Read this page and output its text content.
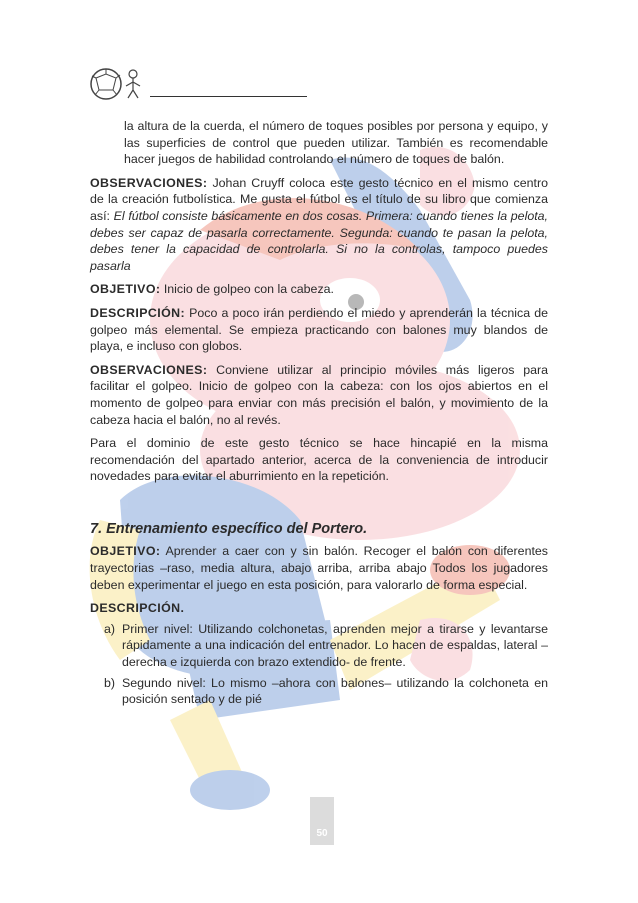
la altura de la cuerda, el número de toques posibles por persona y equipo, y las superficies de control que pueden utilizar. También es recomendable hacer juegos de habilidad controlando el número de toques de balón.

OBSERVACIONES: Johan Cruyff coloca este gesto técnico en el mismo centro de la creación futbolística. Me gusta el fútbol es el título de su libro que comienza así: El fútbol consiste básicamente en dos cosas. Primera: cuando tienes la pelota, debes ser capaz de pasarla correctamente. Segunda: cuando te pasan la pelota, debes tener la capacidad de controlarla. Si no la controlas, tampoco puedes pasarla

OBJETIVO: Inicio de golpeo con la cabeza.

DESCRIPCIÓN: Poco a poco irán perdiendo el miedo y aprenderán la técnica de golpeo más elemental. Se empieza practicando con balones muy blandos de playa, e incluso con globos.

OBSERVACIONES: Conviene utilizar al principio móviles más ligeros para facilitar el golpeo. Inicio de golpeo con la cabeza: con los ojos abiertos en el momento de golpeo para enviar con más precisión el balón, y movimiento de la cabeza hacia el balón, no al revés.

Para el dominio de este gesto técnico se hace hincapié en la misma recomendación del apartado anterior, acerca de la conveniencia de introducir novedades para evitar el aburrimiento en la repetición.

7. Entrenamiento específico del Portero.

OBJETIVO: Aprender a caer con y sin balón. Recoger el balón con diferentes trayectorias –raso, media altura, abajo arriba, arriba abajo Todos los jugadores deben experimentar el juego en esta posición, para valorarlo de forma especial.

DESCRIPCIÓN.

a) Primer nivel: Utilizando colchonetas, aprenden mejor a tirarse y levantarse rápidamente a una indicación del entrenador. Lo hacen de espaldas, lateral –derecha e izquierda con brazo extendido- de frente.
b) Segundo nivel: Lo mismo –ahora con balones– utilizando la colchoneta en posición sentado y de pié
50
